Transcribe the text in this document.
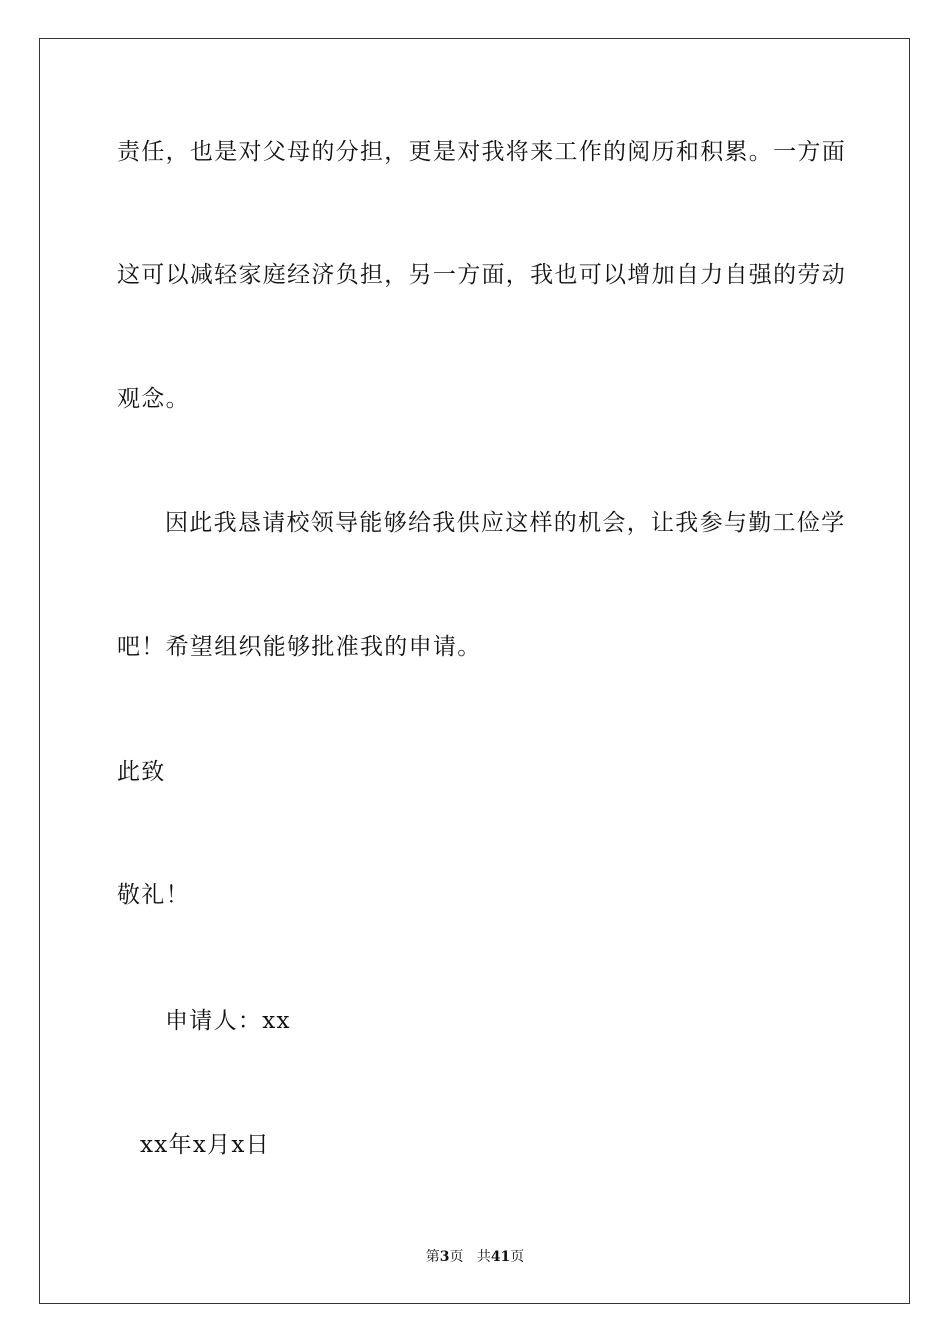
责任，也是对父母的分担，更是对我将来工作的阅历和积累。一方面
这可以减轻家庭经济负担，另一方面，我也可以增加自力自强的劳动
观念。
因此我恳请校领导能够给我供应这样的机会，让我参与勤工俭学
吧！希望组织能够批准我的申请。
此致
敬礼！
申请人：xx
xx年x月x日
第3页 共41页
